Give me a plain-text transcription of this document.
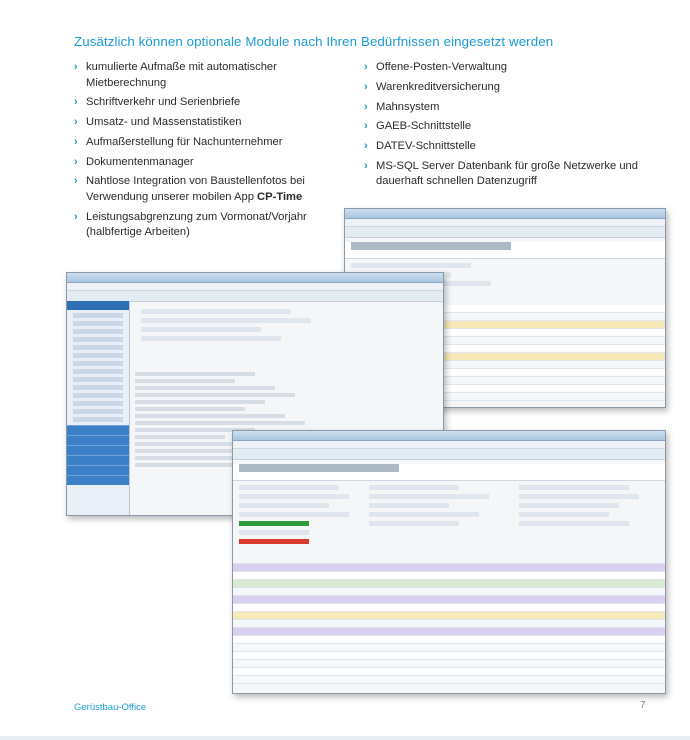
Zusätzlich können optionale Module nach Ihren Bedürfnissen eingesetzt werden
› kumulierte Aufmaße mit automatischer Mietberechnung
› Schriftverkehr und Serienbriefe
› Umsatz- und Massenstatistiken
› Aufmaßerstellung für Nachunternehmer
› Dokumentenmanager
› Nahtlose Integration von Baustellenfotos bei Verwendung unserer mobilen App CP-Time
› Leistungsabgrenzung zum Vormonat/Vorjahr (halbfertige Arbeiten)
› Offene-Posten-Verwaltung
› Warenkreditversicherung
› Mahnsystem
› GAEB-Schnittstelle
› DATEV-Schnittstelle
› MS-SQL Server Datenbank für große Netzwerke und dauerhaft schnellen Datenzugriff
Gerüstbau-Office	7
